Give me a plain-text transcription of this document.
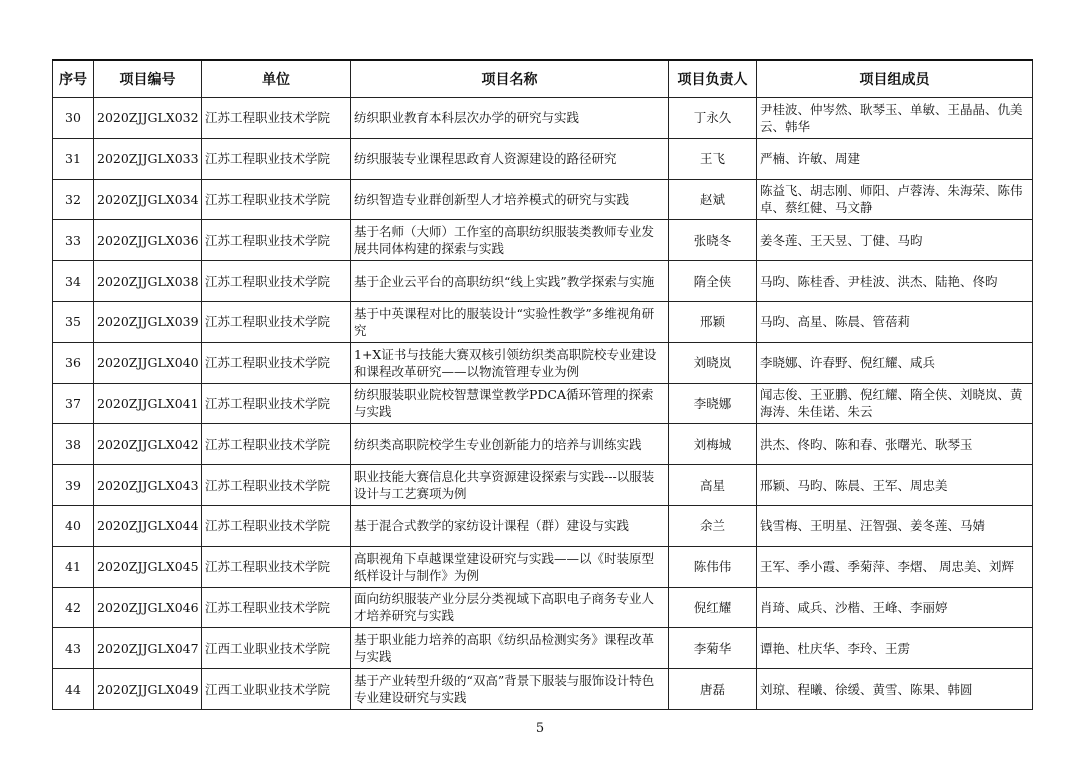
序号	项目编号	单位	项目名称	项目负责人	项目组成员
30	2020ZJJGLX032	江苏工程职业技术学院	纺织职业教育本科层次办学的研究与实践	丁永久	尹桂波、仲岑然、耿琴玉、单敏、王晶晶、仇美云、韩华
31	2020ZJJGLX033	江苏工程职业技术学院	纺织服装专业课程思政育人资源建设的路径研究	王飞	严楠、许敏、周建
32	2020ZJJGLX034	江苏工程职业技术学院	纺织智造专业群创新型人才培养模式的研究与实践	赵斌	陈益飞、胡志刚、师阳、卢蓉涛、朱海荣、陈伟卓、蔡红健、马文静
33	2020ZJJGLX036	江苏工程职业技术学院	基于名师（大师）工作室的高职纺织服装类教师专业发展共同体构建的探索与实践	张晓冬	姜冬莲、王天昱、丁健、马昀
34	2020ZJJGLX038	江苏工程职业技术学院	基于企业云平台的高职纺织“线上实践”教学探索与实施	隋全侠	马昀、陈桂香、尹桂波、洪杰、陆艳、佟昀
35	2020ZJJGLX039	江苏工程职业技术学院	基于中英课程对比的服装设计“实验性教学”多维视角研究	邢颖	马昀、高星、陈晨、管蓓莉
36	2020ZJJGLX040	江苏工程职业技术学院	1+X证书与技能大赛双核引领纺织类高职院校专业建设和课程改革研究——以物流管理专业为例	刘晓岚	李晓娜、许春野、倪红耀、咸兵
37	2020ZJJGLX041	江苏工程职业技术学院	纺织服装职业院校智慧课堂教学PDCA循环管理的探索与实践	李晓娜	闻志俊、王亚鹏、倪红耀、隋全侠、刘晓岚、黄海涛、朱佳诺、朱云
38	2020ZJJGLX042	江苏工程职业技术学院	纺织类高职院校学生专业创新能力的培养与训练实践	刘梅城	洪杰、佟昀、陈和春、张曙光、耿琴玉
39	2020ZJJGLX043	江苏工程职业技术学院	职业技能大赛信息化共享资源建设探索与实践---以服装设计与工艺赛项为例	高星	邢颖、马昀、陈晨、王军、周忠美
40	2020ZJJGLX044	江苏工程职业技术学院	基于混合式教学的家纺设计课程（群）建设与实践	余兰	钱雪梅、王明星、汪智强、姜冬莲、马婧
41	2020ZJJGLX045	江苏工程职业技术学院	高职视角下卓越课堂建设研究与实践——以《时装原型纸样设计与制作》为例	陈伟伟	王军、季小霞、季菊萍、李熠、 周忠美、刘辉
42	2020ZJJGLX046	江苏工程职业技术学院	面向纺织服装产业分层分类视域下高职电子商务专业人才培养研究与实践	倪红耀	肖琦、咸兵、沙楷、王峰、李丽婷
43	2020ZJJGLX047	江西工业职业技术学院	基于职业能力培养的高职《纺织品检测实务》课程改革与实践	李菊华	谭艳、杜庆华、李玲、王雳
44	2020ZJJGLX049	江西工业职业技术学院	基于产业转型升级的“双高”背景下服装与服饰设计特色专业建设研究与实践	唐磊	刘琼、程曦、徐缓、黄雪、陈果、韩圆
5
